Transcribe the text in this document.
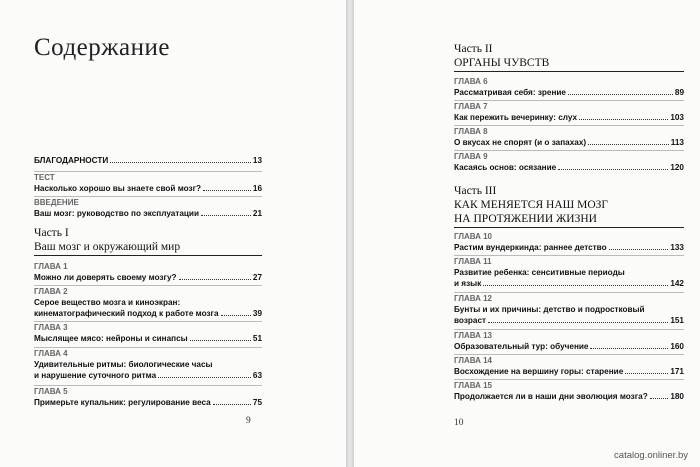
Содержание
БЛАГОДАРНОСТИ	13
ТЕСТ
Насколько хорошо вы знаете свой мозг?	16
ВВЕДЕНИЕ
Ваш мозг: руководство по эксплуатации	21
Часть I
Ваш мозг и окружающий мир
ГЛАВА 1
Можно ли доверять своему мозгу?	27
ГЛАВА 2
Серое вещество мозга и киноэкран:
кинематографический подход к работе мозга	39
ГЛАВА 3
Мыслящее мясо: нейроны и синапсы	51
ГЛАВА 4
Удивительные ритмы: биологические часы
и нарушение суточного ритма	63
ГЛАВА 5
Примерьте купальник: регулирование веса	75
9
Часть II
ОРГАНЫ ЧУВСТВ
ГЛАВА 6
Рассматривая себя: зрение	89
ГЛАВА 7
Как пережить вечеринку: слух	103
ГЛАВА 8
О вкусах не спорят (и о запахах)	113
ГЛАВА 9
Касаясь основ: осязание	120
Часть III
КАК МЕНЯЕТСЯ НАШ МОЗГ
НА ПРОТЯЖЕНИИ ЖИЗНИ
ГЛАВА 10
Растим вундеркинда: раннее детство	133
ГЛАВА 11
Развитие ребенка: сенситивные периоды
и язык	142
ГЛАВА 12
Бунты и их причины: детство и подростковый
возраст	151
ГЛАВА 13
Образовательный тур: обучение	160
ГЛАВА 14
Восхождение на вершину горы: старение	171
ГЛАВА 15
Продолжается ли в наши дни эволюция мозга?	180
10
catalog.onliner.by
